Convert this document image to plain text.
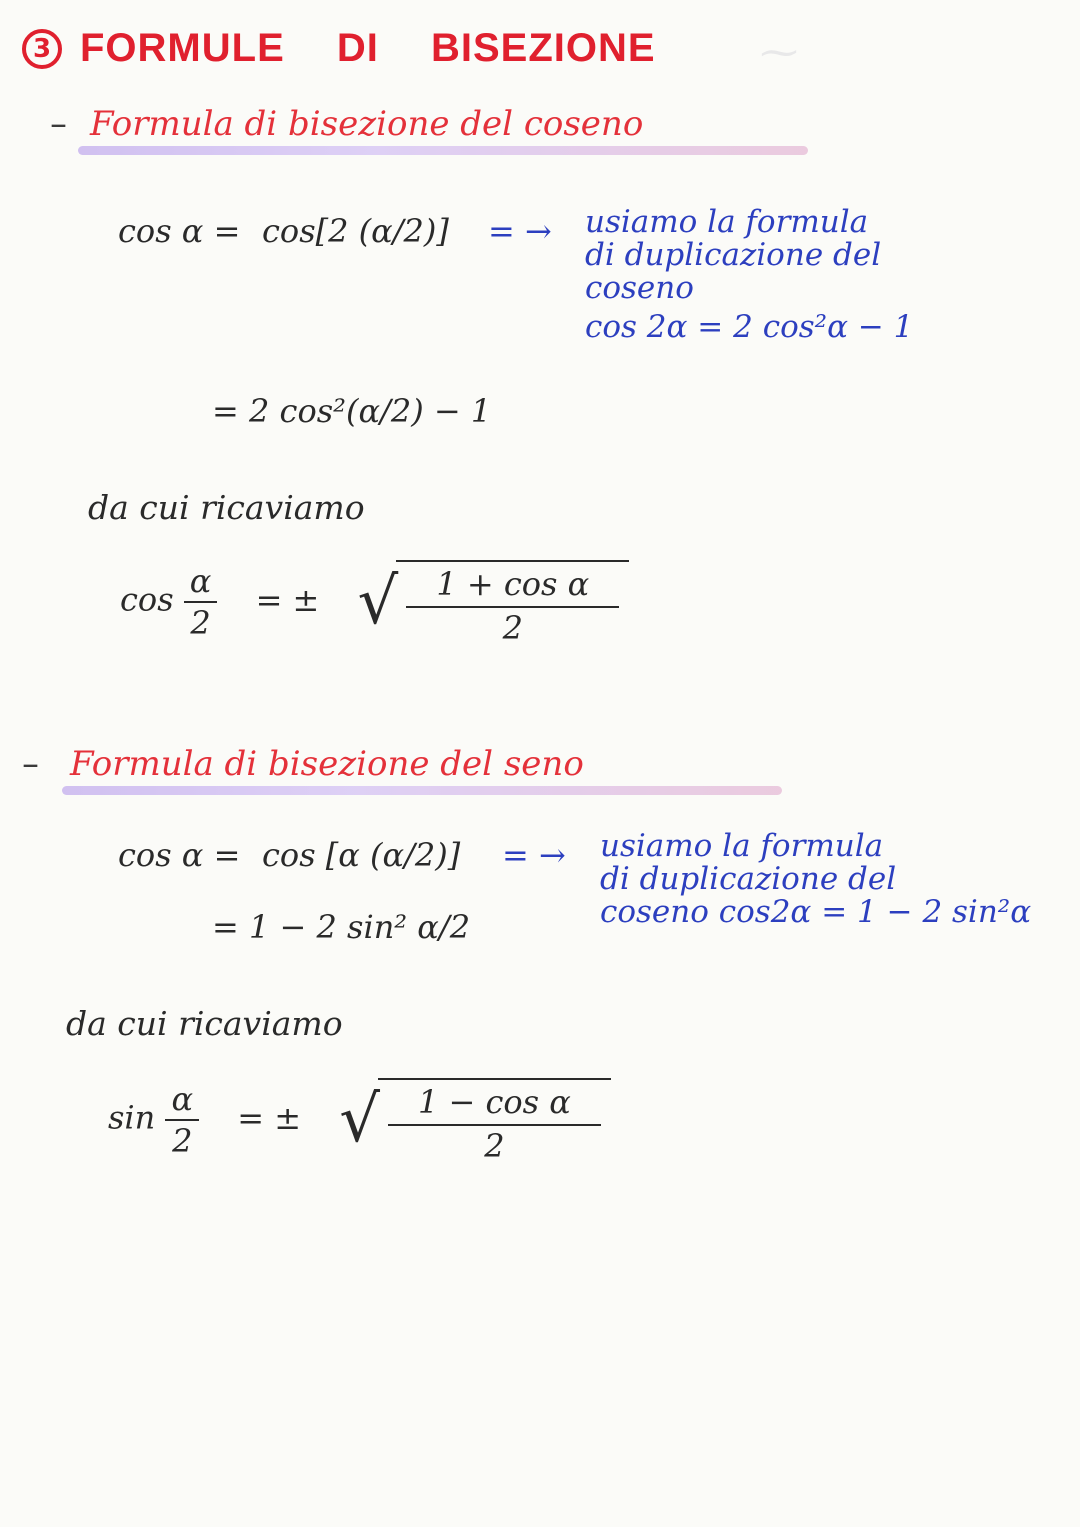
⁓
3 FORMULE DI BISEZIONE
– Formula di bisezione del coseno
cos α = cos[2 (α/2)]	= →	usiamo la formula
di duplicazione del
coseno
cos 2α = 2 cos²α − 1
= 2 cos²(α/2) − 1
da cui ricaviamo
$\cos \frac{\alpha}{2}$ = ± √ $\frac{\text{1 + cos α}}{2}$
– Formula di bisezione del seno
cos α = cos [α (α/2)]	= →	usiamo la formula
di duplicazione del
coseno cos2α = 1 − 2 sin²α
= 1 − 2 sin² α/2
da cui ricaviamo
$\sin \frac{\alpha}{2}$ = ± √ $\frac{\text{1 − cos α}}{2}$
